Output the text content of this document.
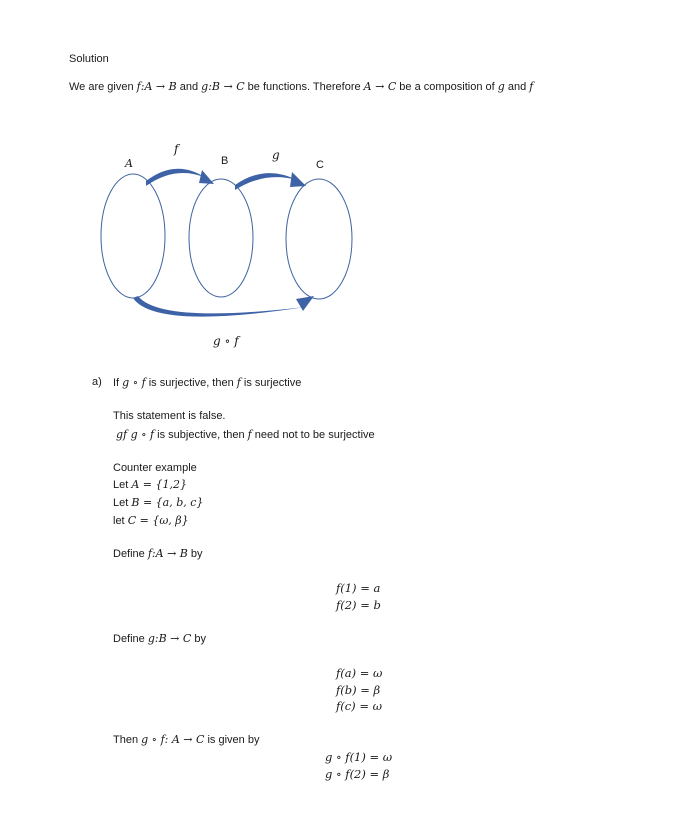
Solution
We are given f:A → B and g:B → C be functions. Therefore A → C be a composition of g and f
A	B	C
f	g
g ∘ f
a) If g ∘ f is surjective, then f is surjective
This statement is false.
gf g ∘ f is subjective, then f need not to be surjective
Counter example
Let A = {1,2}
Let B = {a, b, c}
let C = {ω, β}
Define f:A → B by
f(1) = a
f(2) = b
Define g:B → C by
f(a) = ω
f(b) = β
f(c) = ω
Then g ∘ f: A → C is given by
g ∘ f(1) = ω
g ∘ f(2) = β
